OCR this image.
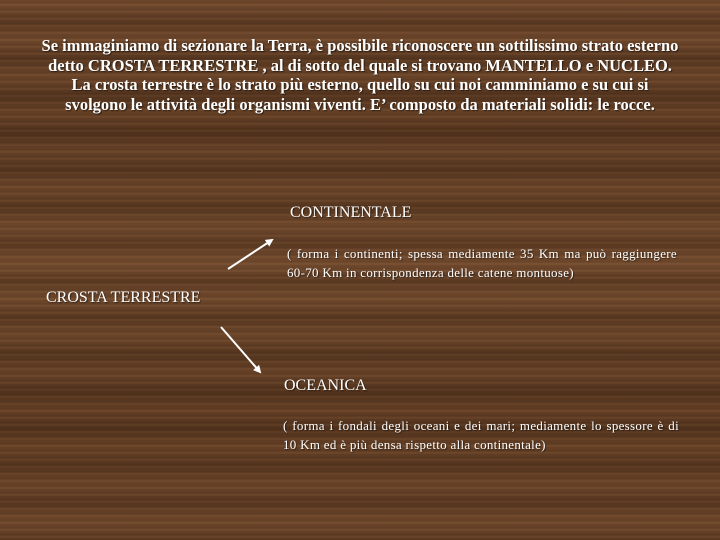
Se immaginiamo di sezionare la Terra, è possibile riconoscere un sottilissimo strato esterno detto CROSTA TERRESTRE , al di sotto del quale si trovano MANTELLO e NUCLEO.

La crosta terrestre è lo strato più esterno, quello su cui noi camminiamo e su cui si svolgono le attività degli organismi viventi. E’ composto da materiali solidi: le rocce.

CONTINENTALE
( forma i continenti; spessa mediamente 35 Km ma può raggiungere 60-70 Km in corrispondenza delle catene montuose)
CROSTA TERRESTRE
OCEANICA
( forma i fondali degli oceani e dei mari; mediamente lo spessore è di 10 Km ed è più densa rispetto alla continentale)
